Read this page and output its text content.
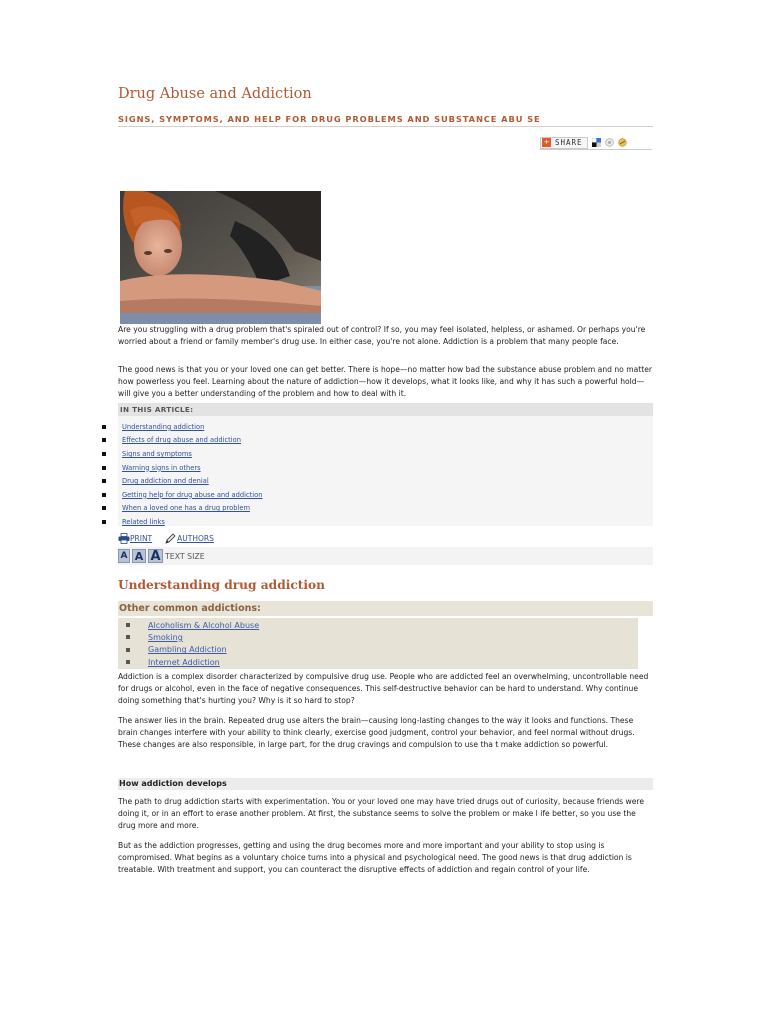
Drug Abuse and Addiction
SIGNS, SYMPTOMS, AND HELP FOR DRUG PROBLEMS AND SUBSTANCE ABU SE
+ SHARE

Are you struggling with a drug problem that's spiraled out of control? If so, you may feel isolated, helpless, or ashamed. Or perhaps you're worried about a friend or family member's drug use. In either case, you're not alone. Addiction is a problem that many people face.

The good news is that you or your loved one can get better. There is hope—no matter how bad the substance abuse problem and no matter how powerless you feel. Learning about the nature of addiction—how it develops, what it looks like, and why it has such a powerful hold—will give you a better understanding of the problem and how to deal with it.

IN THIS ARTICLE:
Understanding addiction
Effects of drug abuse and addiction
Signs and symptoms
Warning signs in others
Drug addiction and denial
Getting help for drug abuse and addiction
When a loved one has a drug problem
Related links
PRINT	AUTHORS
A A A TEXT SIZE
Understanding drug addiction
Other common addictions:
Alcoholism & Alcohol Abuse
Smoking
Gambling Addiction
Internet Addiction

Addiction is a complex disorder characterized by compulsive drug use. People who are addicted feel an overwhelming, uncontrollable need for drugs or alcohol, even in the face of negative consequences. This self-destructive behavior can be hard to understand. Why continue doing something that's hurting you? Why is it so hard to stop?

The answer lies in the brain. Repeated drug use alters the brain—causing long-lasting changes to the way it looks and functions. These brain changes interfere with your ability to think clearly, exercise good judgment, control your behavior, and feel normal without drugs. These changes are also responsible, in large part, for the drug cravings and compulsion to use tha t make addiction so powerful.

How addiction develops

The path to drug addiction starts with experimentation. You or your loved one may have tried drugs out of curiosity, because friends were doing it, or in an effort to erase another problem. At first, the substance seems to solve the problem or make l ife better, so you use the drug more and more.

But as the addiction progresses, getting and using the drug becomes more and more important and your ability to stop using is compromised. What begins as a voluntary choice turns into a physical and psychological need. The good news is that drug addiction is treatable. With treatment and support, you can counteract the disruptive effects of addiction and regain control of your life.
